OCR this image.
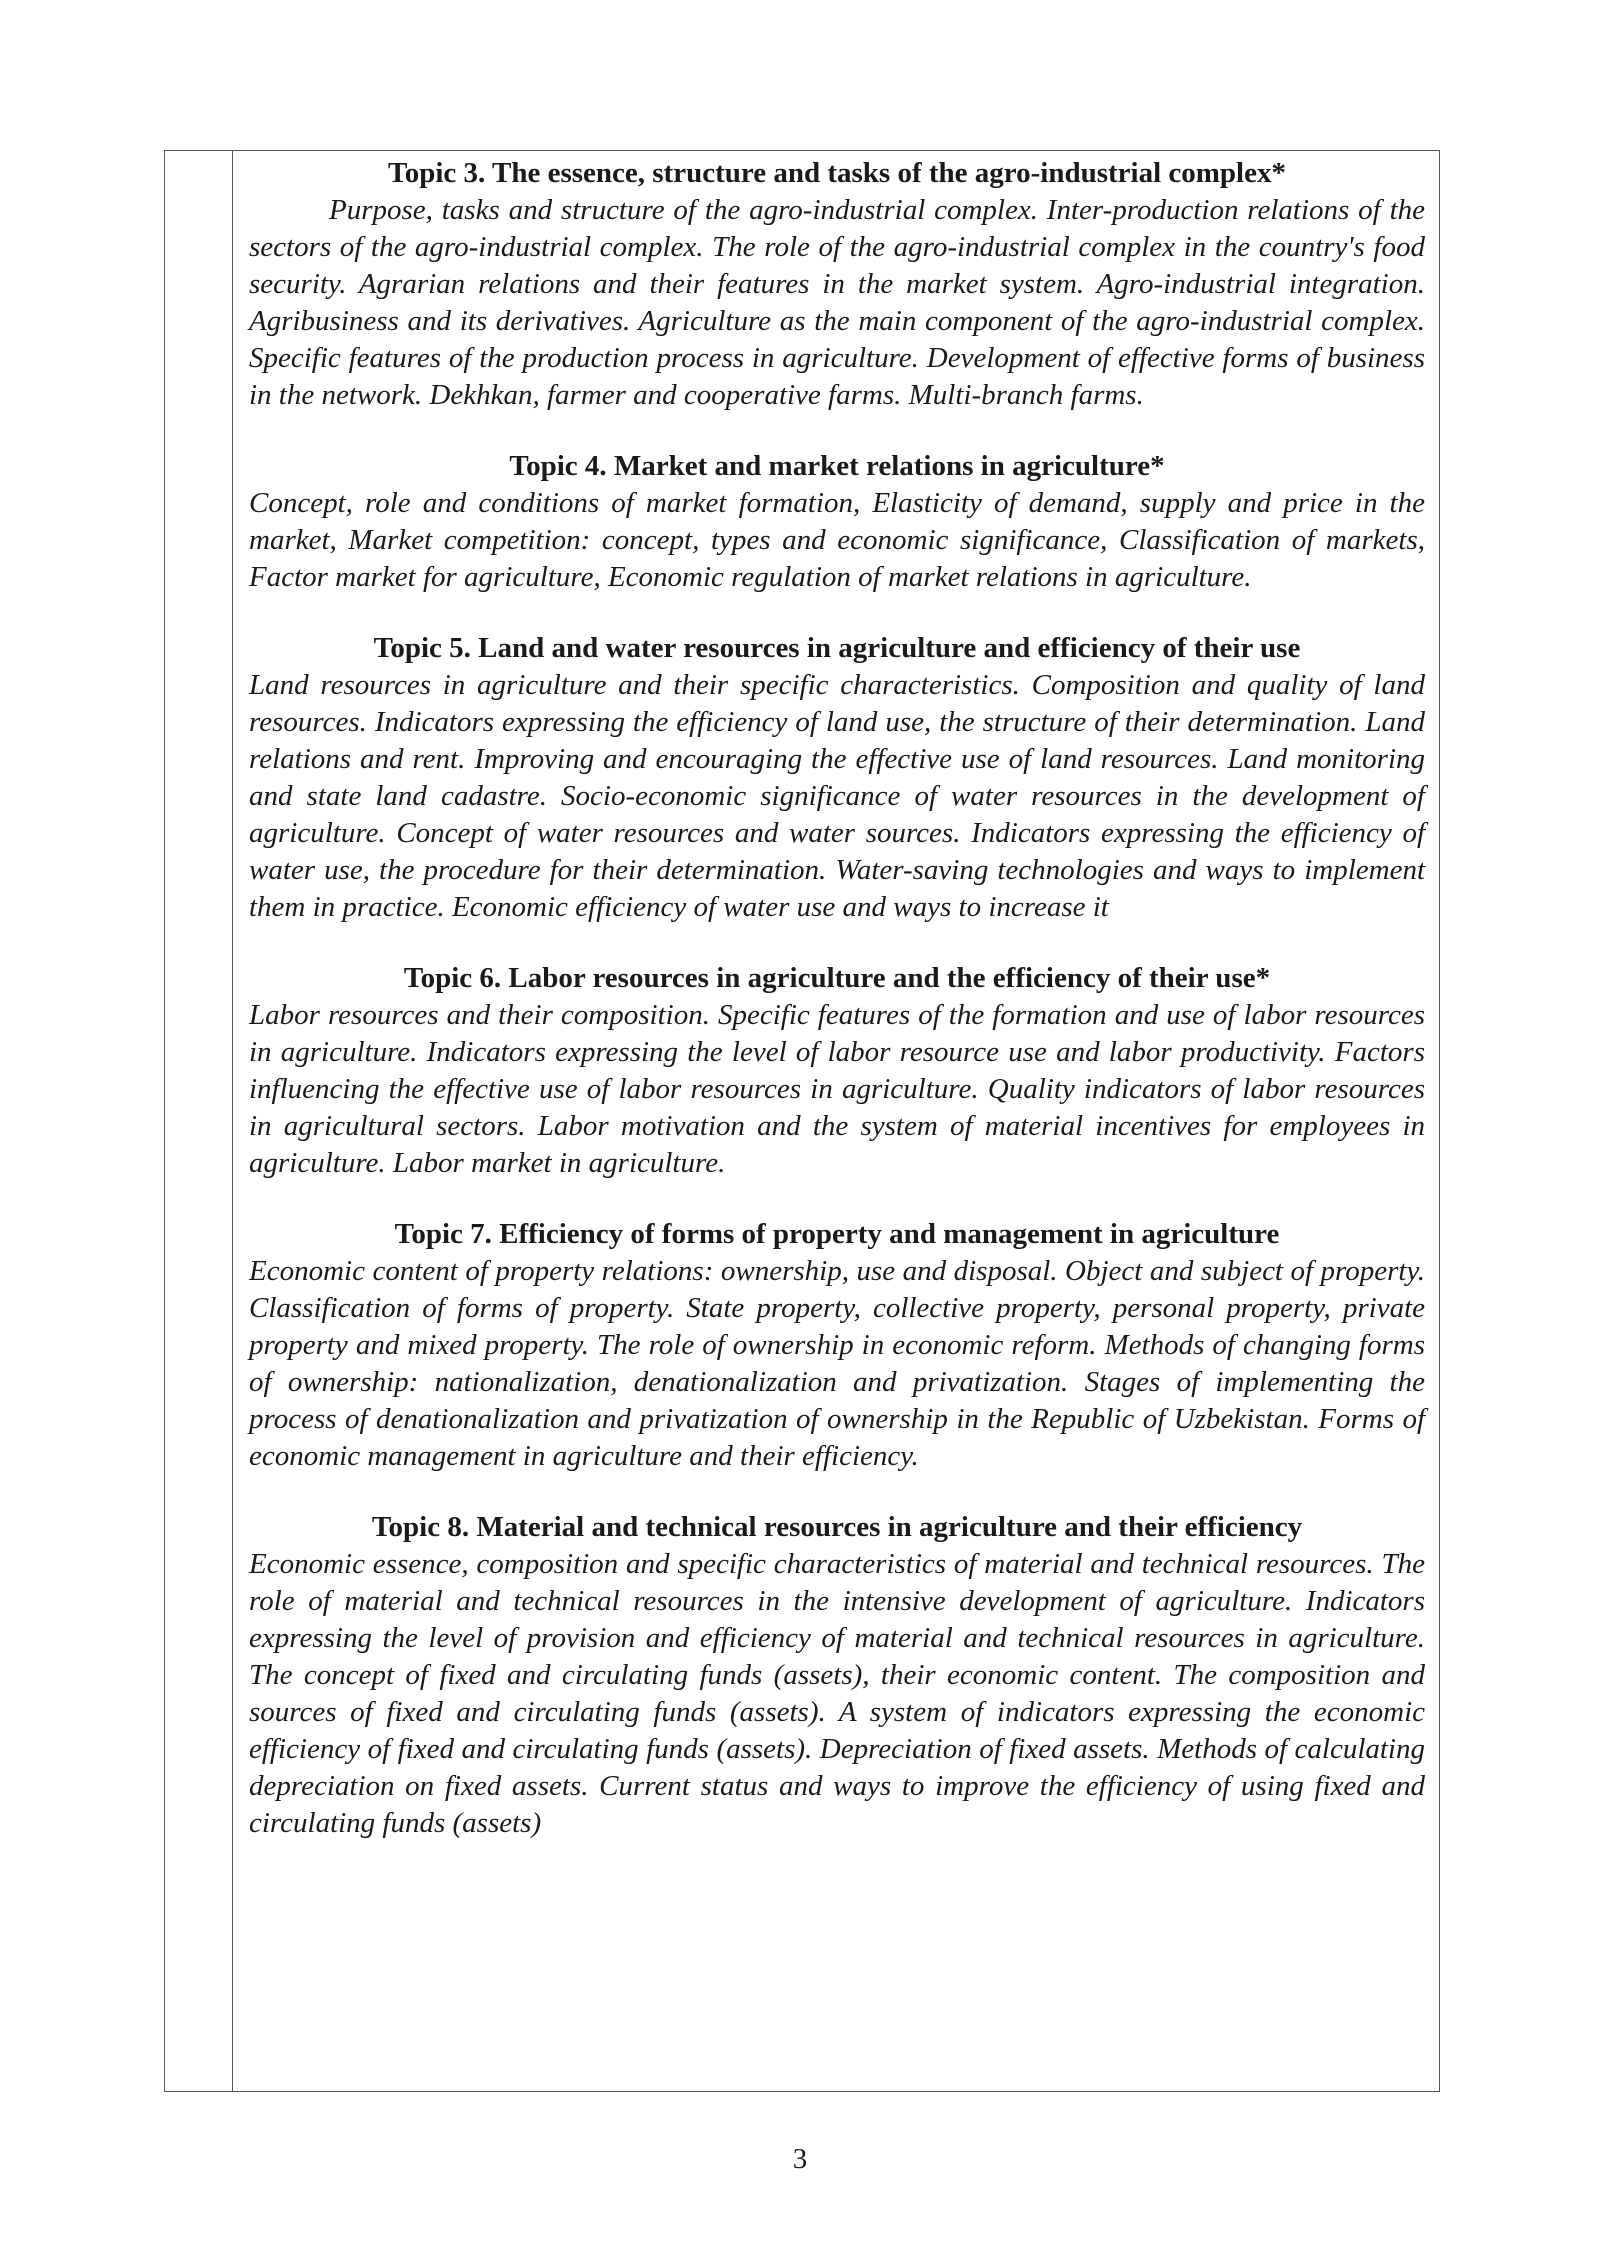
Topic 3. The essence, structure and tasks of the agro-industrial complex*

Purpose, tasks and structure of the agro-industrial complex. Inter-production relations of the sectors of the agro-industrial complex. The role of the agro-industrial complex in the country's food security. Agrarian relations and their features in the market system. Agro-industrial integration. Agribusiness and its derivatives. Agriculture as the main component of the agro-industrial complex. Specific features of the production process in agriculture. Development of effective forms of business in the network. Dekhkan, farmer and cooperative farms. Multi-branch farms.

Topic 4. Market and market relations in agriculture*

Concept, role and conditions of market formation, Elasticity of demand, supply and price in the market, Market competition: concept, types and economic significance, Classification of markets, Factor market for agriculture, Economic regulation of market relations in agriculture.

Topic 5. Land and water resources in agriculture and efficiency of their use

Land resources in agriculture and their specific characteristics. Composition and quality of land resources. Indicators expressing the efficiency of land use, the structure of their determination. Land relations and rent. Improving and encouraging the effective use of land resources. Land monitoring and state land cadastre. Socio-economic significance of water resources in the development of agriculture. Concept of water resources and water sources. Indicators expressing the efficiency of water use, the procedure for their determination. Water-saving technologies and ways to implement them in practice. Economic efficiency of water use and ways to increase it

Topic 6. Labor resources in agriculture and the efficiency of their use*

Labor resources and their composition. Specific features of the formation and use of labor resources in agriculture. Indicators expressing the level of labor resource use and labor productivity. Factors influencing the effective use of labor resources in agriculture. Quality indicators of labor resources in agricultural sectors. Labor motivation and the system of material incentives for employees in agriculture. Labor market in agriculture.

Topic 7. Efficiency of forms of property and management in agriculture

Economic content of property relations: ownership, use and disposal. Object and subject of property. Classification of forms of property. State property, collective property, personal property, private property and mixed property. The role of ownership in economic reform. Methods of changing forms of ownership: nationalization, denationalization and privatization. Stages of implementing the process of denationalization and privatization of ownership in the Republic of Uzbekistan. Forms of economic management in agriculture and their efficiency.

Topic 8. Material and technical resources in agriculture and their efficiency

Economic essence, composition and specific characteristics of material and technical resources. The role of material and technical resources in the intensive development of agriculture. Indicators expressing the level of provision and efficiency of material and technical resources in agriculture. The concept of fixed and circulating funds (assets), their economic content. The composition and sources of fixed and circulating funds (assets). A system of indicators expressing the economic efficiency of fixed and circulating funds (assets). Depreciation of fixed assets. Methods of calculating depreciation on fixed assets. Current status and ways to improve the efficiency of using fixed and circulating funds (assets)

3
